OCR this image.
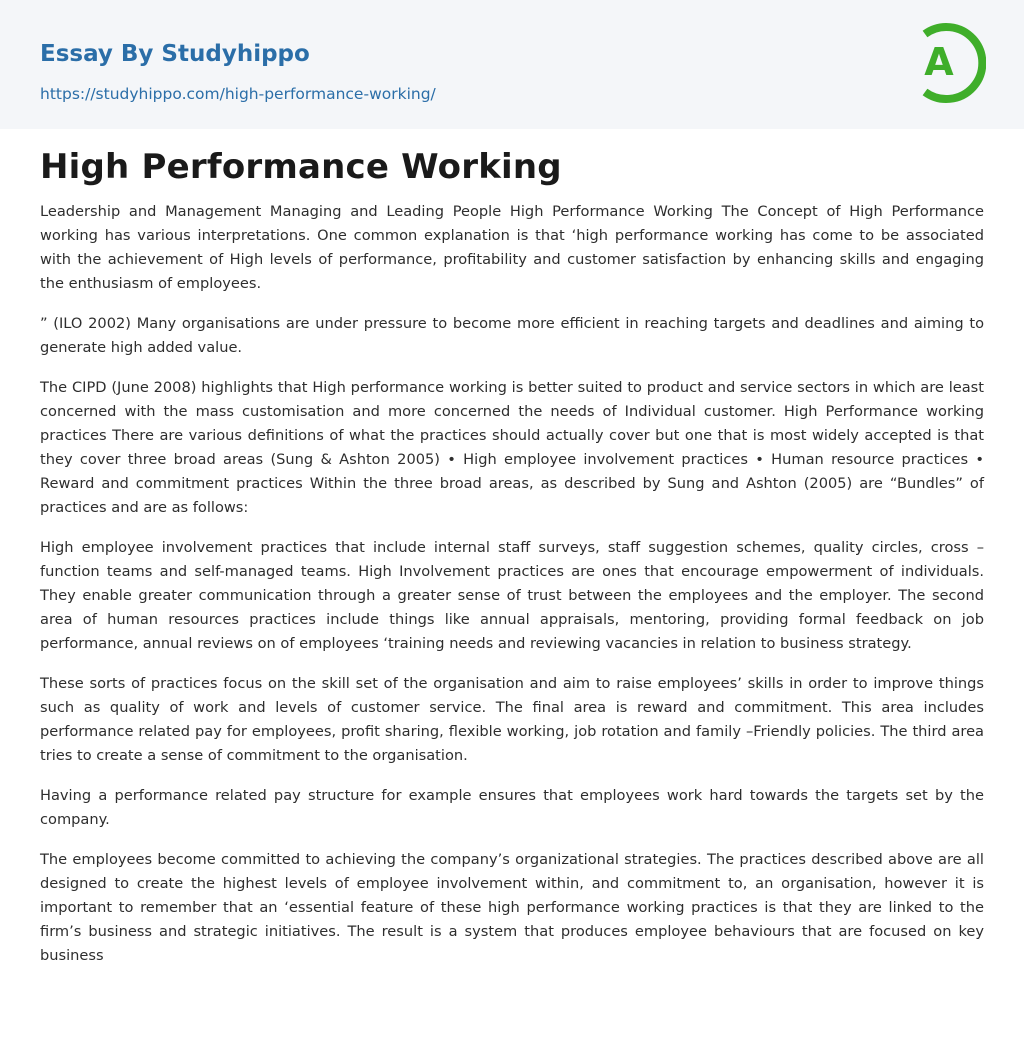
Essay By Studyhippo
https://studyhippo.com/high-performance-working/
A
High Performance Working

Leadership and Management Managing and Leading People High Performance Working The Concept of High Performance working has various interpretations. One common explanation is that ‘high performance working has come to be associated with the achievement of High levels of performance, profitability and customer satisfaction by enhancing skills and engaging the enthusiasm of employees.

” (ILO 2002) Many organisations are under pressure to become more efficient in reaching targets and deadlines and aiming to generate high added value.

The CIPD (June 2008) highlights that High performance working is better suited to product and service sectors in which are least concerned with the mass customisation and more concerned the needs of Individual customer. High Performance working practices There are various definitions of what the practices should actually cover but one that is most widely accepted is that they cover three broad areas (Sung & Ashton 2005) • High employee involvement practices • Human resource practices • Reward and commitment practices Within the three broad areas, as described by Sung and Ashton (2005) are “Bundles” of practices and are as follows:

High employee involvement practices that include internal staff surveys, staff suggestion schemes, quality circles, cross –function teams and self-managed teams. High Involvement practices are ones that encourage empowerment of individuals. They enable greater communication through a greater sense of trust between the employees and the employer. The second area of human resources practices include things like annual appraisals, mentoring, providing formal feedback on job performance, annual reviews on of employees ‘training needs and reviewing vacancies in relation to business strategy.

These sorts of practices focus on the skill set of the organisation and aim to raise employees’ skills in order to improve things such as quality of work and levels of customer service. The final area is reward and commitment. This area includes performance related pay for employees, profit sharing, flexible working, job rotation and family –Friendly policies. The third area tries to create a sense of commitment to the organisation.

Having a performance related pay structure for example ensures that employees work hard towards the targets set by the company.

The employees become committed to achieving the company’s organizational strategies. The practices described above are all designed to create the highest levels of employee involvement within, and commitment to, an organisation, however it is important to remember that an ‘essential feature of these high performance working practices is that they are linked to the firm’s business and strategic initiatives. The result is a system that produces employee behaviours that are focused on key business
